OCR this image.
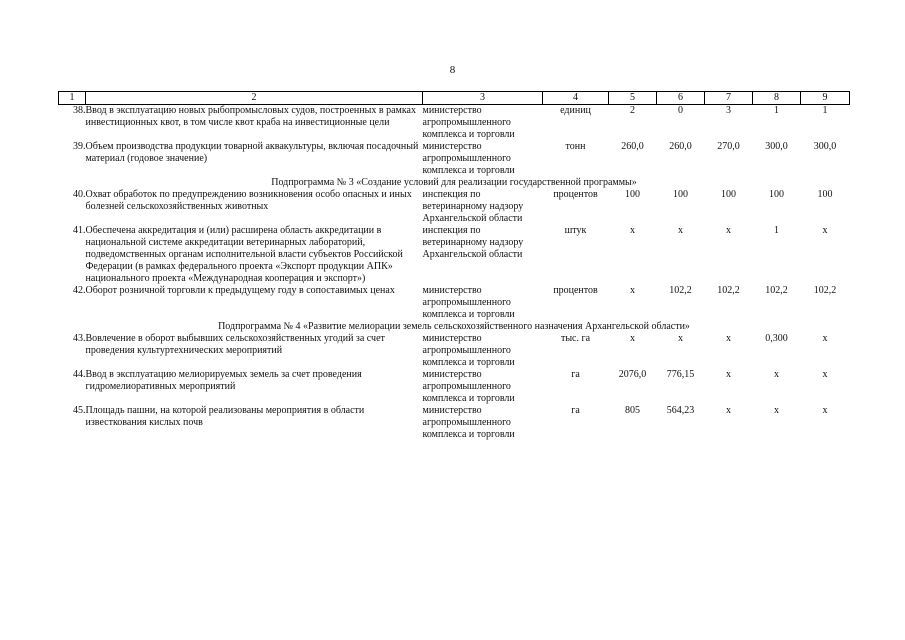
8
1	2	3	4	5	6	7	8	9
38.	Ввод в эксплуатацию новых рыбопромысловых судов, построенных в рамках инвестиционных квот, в том числе квот краба на инвестиционные цели	министерство агропромышленного комплекса и торговли	единиц	2	0	3	1	1
39.	Объем производства продукции товарной аквакультуры, включая посадочный материал (годовое значение)	министерство агропромышленного комплекса и торговли	тонн	260,0	260,0	270,0	300,0	300,0
Подпрограмма № 3 «Создание условий для реализации государственной программы»								
40.	Охват обработок по предупреждению возникновения особо опасных и иных болезней сельскохозяйственных животных	инспекция по ветеринарному надзору Архангельской области	процентов	100	100	100	100	100
41.	Обеспечена аккредитация и (или) расширена область аккредитации в национальной системе аккредитации ветеринарных лабораторий, подведомственных органам исполнительной власти субъектов Российской Федерации (в рамках федерального проекта «Экспорт продукции АПК» национального проекта «Международная кооперация и экспорт»)	инспекция по ветеринарному надзору Архангельской области	штук	х	х	х	1	х
42.	Оборот розничной торговли к предыдущему году в сопоставимых ценах	министерство агропромышленного комплекса и торговли	процентов	х	102,2	102,2	102,2	102,2
Подпрограмма № 4 «Развитие мелиорации земель сельскохозяйственного назначения Архангельской области»								
43.	Вовлечение в оборот выбывших сельскохозяйственных угодий за счет проведения культуртехнических мероприятий	министерство агропромышленного комплекса и торговли	тыс. га	х	х	х	0,300	х
44.	Ввод в эксплуатацию мелиорируемых земель за счет проведения гидромелиоративных мероприятий	министерство агропромышленного комплекса и торговли	га	2076,0	776,15	х	х	х
45.	Площадь пашни, на которой реализованы мероприятия в области известкования кислых почв	министерство агропромышленного комплекса и торговли	га	805	564,23	х	х	х
